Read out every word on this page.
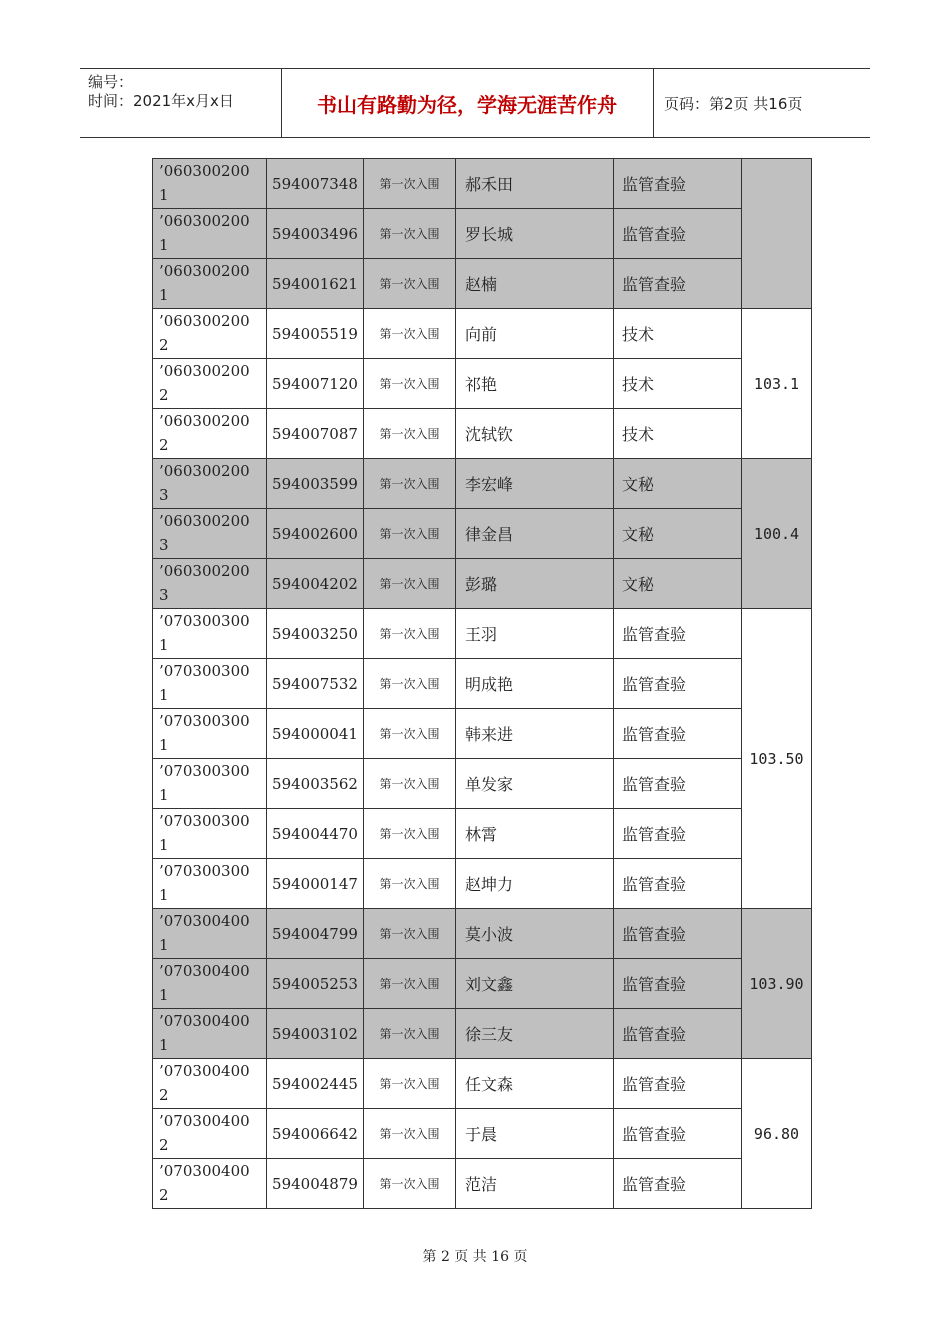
编号：
时间：2021年x月x日	书山有路勤为径，学海无涯苦作舟	页码：第2页 共16页
’060300200
1	594007348	第一次入围	郝禾田	监管查验	

’060300200
1	594003496	第一次入围	罗长城	监管查验	

’060300200
1	594001621	第一次入围	赵楠	监管查验	

’060300200
2	594005519	第一次入围	向前	技术	103.1

’060300200
2	594007120	第一次入围	祁艳	技术	

’060300200
2	594007087	第一次入围	沈轼钦	技术	

’060300200
3	594003599	第一次入围	李宏峰	文秘	100.4

’060300200
3	594002600	第一次入围	律金昌	文秘	

’060300200
3	594004202	第一次入围	彭璐	文秘	

’070300300
1	594003250	第一次入围	王羽	监管查验	103.50

’070300300
1	594007532	第一次入围	明成艳	监管查验	

’070300300
1	594000041	第一次入围	韩来进	监管查验	

’070300300
1	594003562	第一次入围	单发家	监管查验	

’070300300
1	594004470	第一次入围	林霄	监管查验	

’070300300
1	594000147	第一次入围	赵坤力	监管查验	

’070300400
1	594004799	第一次入围	莫小波	监管查验	103.90

’070300400
1	594005253	第一次入围	刘文鑫	监管查验	

’070300400
1	594003102	第一次入围	徐三友	监管查验	

’070300400
2	594002445	第一次入围	任文森	监管查验	96.80

’070300400
2	594006642	第一次入围	于晨	监管查验	

’070300400
2	594004879	第一次入围	范洁	监管查验	
第 2 页 共 16 页
